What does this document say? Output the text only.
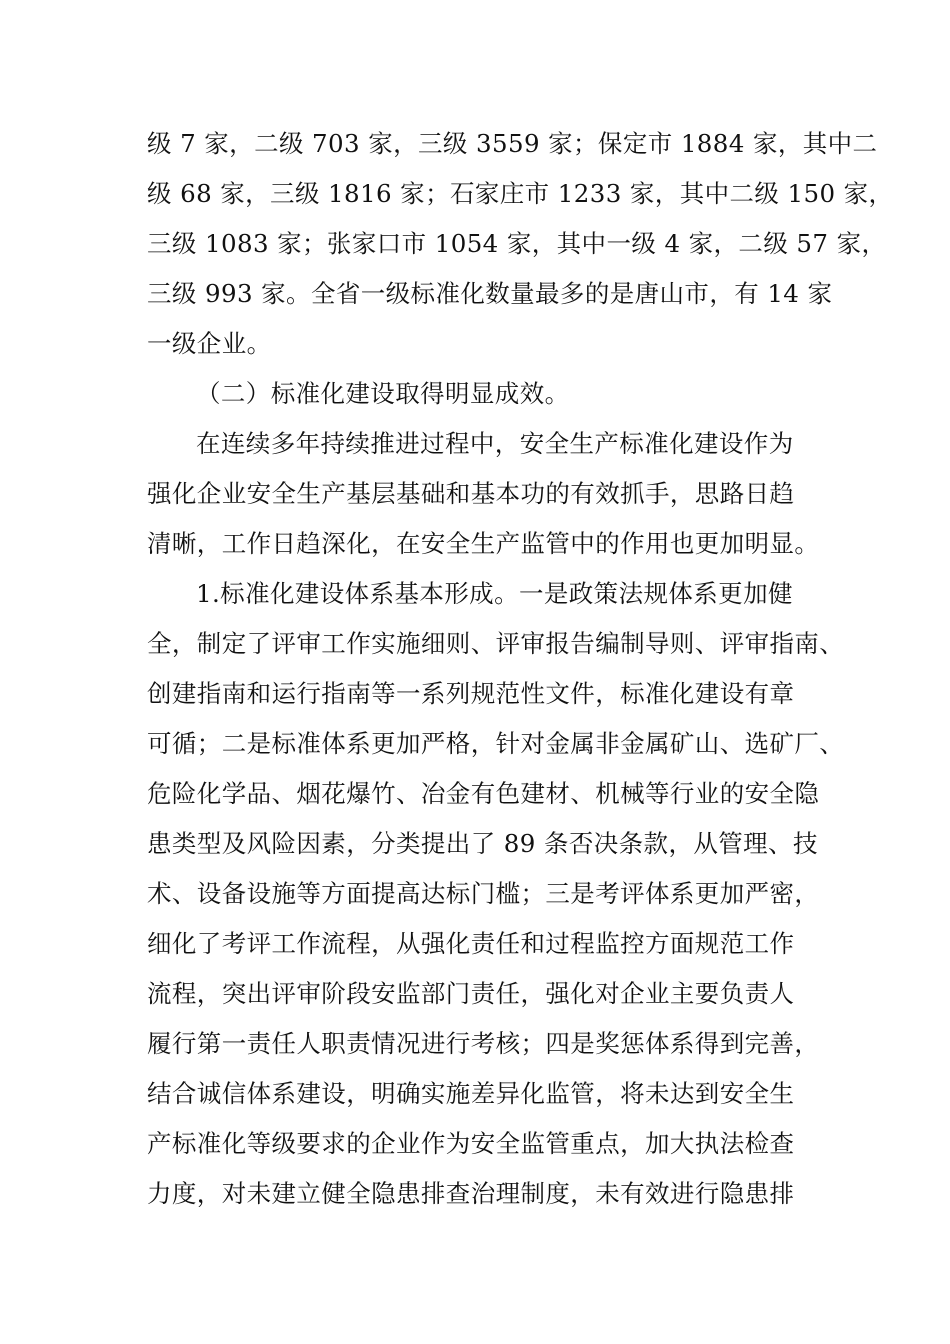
级 7 家，二级 703 家，三级 3559 家；保定市 1884 家，其中二
级 68 家，三级 1816 家；石家庄市 1233 家，其中二级 150 家，
三级 1083 家；张家口市 1054 家，其中一级 4 家，二级 57 家，
三级 993 家。全省一级标准化数量最多的是唐山市，有 14 家
一级企业。
（二）标准化建设取得明显成效。
在连续多年持续推进过程中，安全生产标准化建设作为
强化企业安全生产基层基础和基本功的有效抓手，思路日趋
清晰，工作日趋深化，在安全生产监管中的作用也更加明显。
1.标准化建设体系基本形成。一是政策法规体系更加健
全，制定了评审工作实施细则、评审报告编制导则、评审指南、
创建指南和运行指南等一系列规范性文件，标准化建设有章
可循；二是标准体系更加严格，针对金属非金属矿山、选矿厂、
危险化学品、烟花爆竹、冶金有色建材、机械等行业的安全隐
患类型及风险因素，分类提出了 89 条否决条款，从管理、技
术、设备设施等方面提高达标门槛；三是考评体系更加严密，
细化了考评工作流程，从强化责任和过程监控方面规范工作
流程，突出评审阶段安监部门责任，强化对企业主要负责人
履行第一责任人职责情况进行考核；四是奖惩体系得到完善，
结合诚信体系建设，明确实施差异化监管，将未达到安全生
产标准化等级要求的企业作为安全监管重点，加大执法检查
力度，对未建立健全隐患排查治理制度，未有效进行隐患排
